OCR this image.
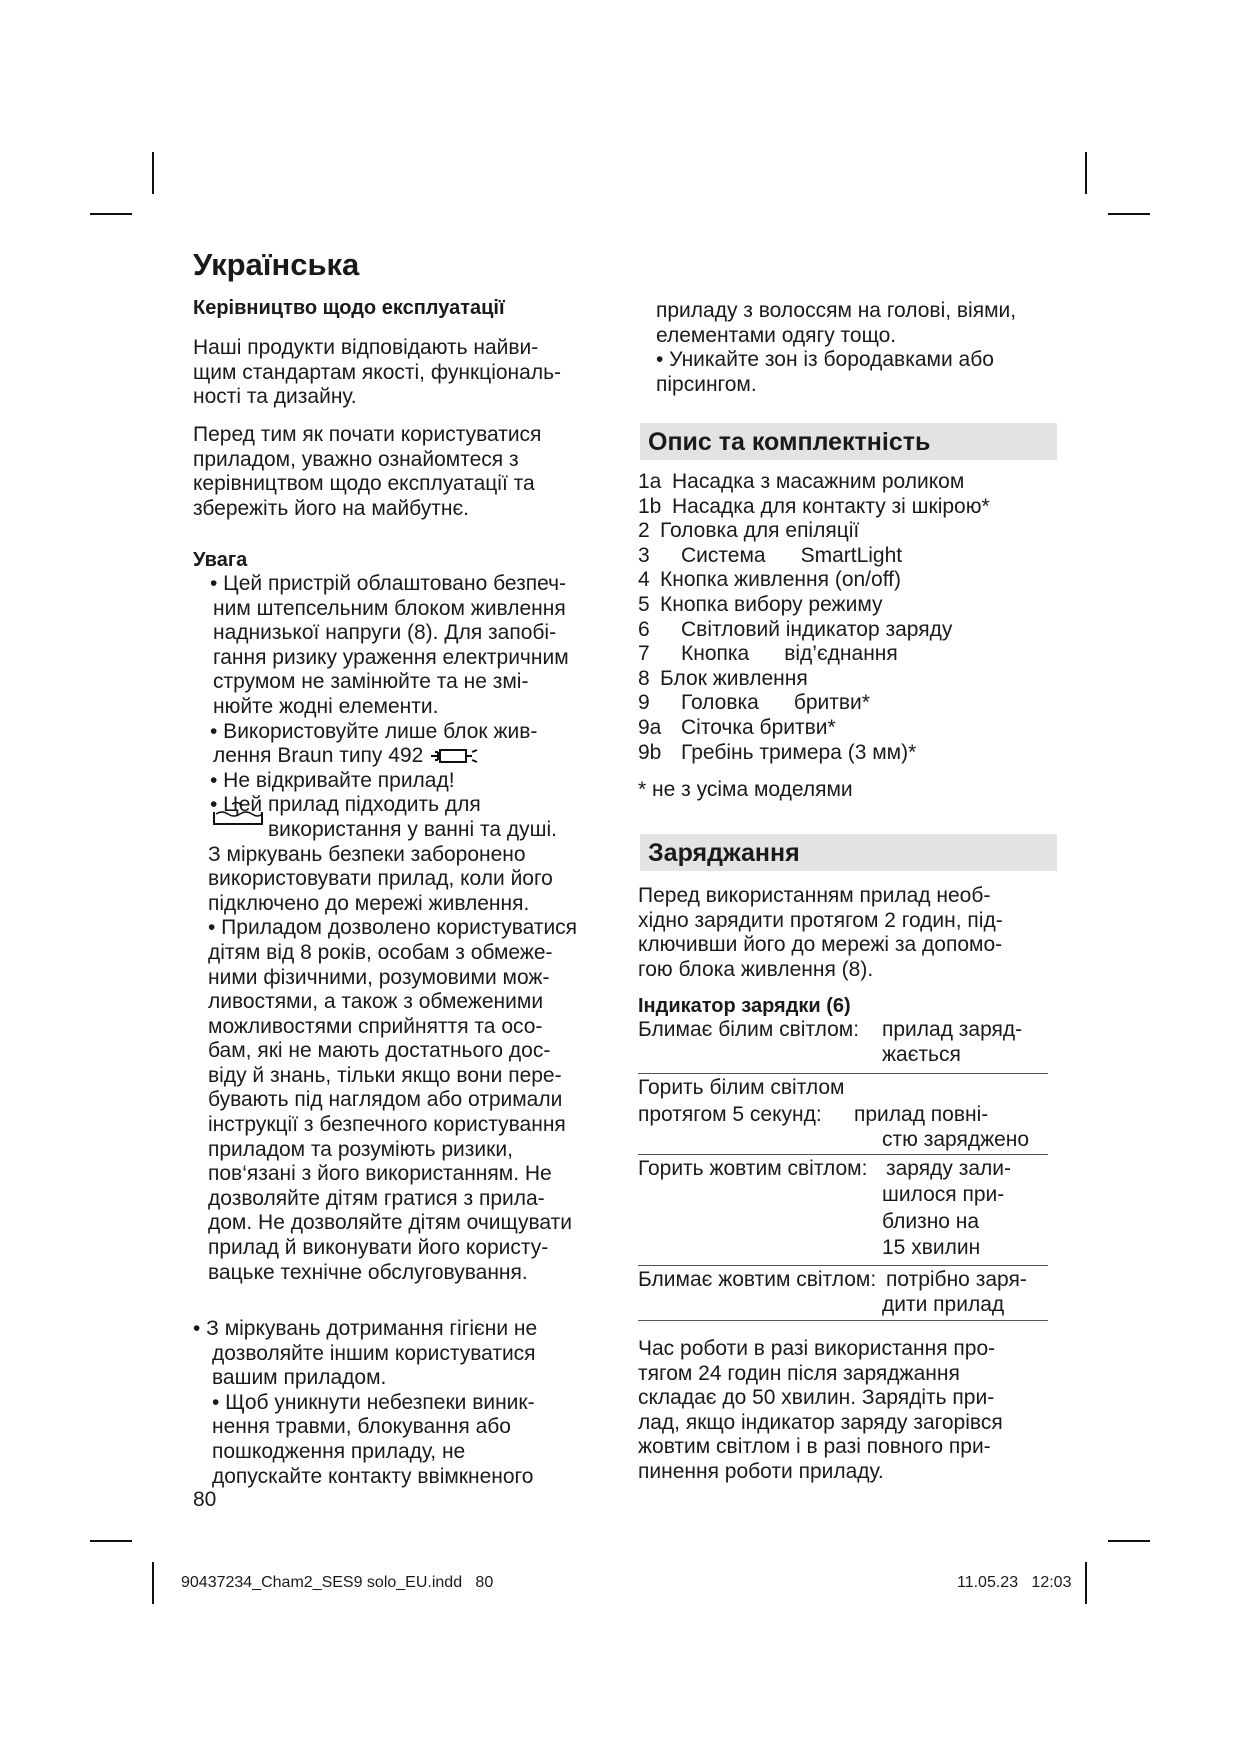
Українська
Керівництво щодо експлуатації

Наші продукти відповідають найви-

щим стандартам якості, функціональ-

ності та дизайну.

Перед тим як почати користуватися

приладом, уважно ознайомтеся з

керівництвом щодо експлуатації та

збережіть його на майбутнє.

Увага

• Цей пристрій облаштовано безпеч-

ним штепсельним блоком живлення

наднизької напруги (8). Для запобі-

гання ризику ураження електричним

струмом не замінюйте та не змі-

нюйте жодні елементи.

• Використовуйте лише блок жив-

лення Braun типу 492

• Не відкривайте прилад!

• Цей прилад підходить для

використання у ванні та душі.

З міркувань безпеки заборонено

використовувати прилад, коли його

підключено до мережі живлення.

• Приладом дозволено користуватися

дітям від 8 років, особам з обмеже-

ними фізичними, розумовими мож-

ливостями, а також з обмеженими

можливостями сприйняття та осо-

бам, які не мають достатнього дос-

віду й знань, тільки якщо вони пере-

бувають під наглядом або отримали

інструкції з безпечного користування

приладом та розуміють ризики,

пов‘язані з його використанням. Не

дозволяйте дітям гратися з прила-

дом. Не дозволяйте дітям очищувати

прилад й виконувати його користу-

вацьке технічне обслуговування.

• З міркувань дотримання гігієни не

дозволяйте іншим користуватися

вашим приладом.

• Щоб уникнути небезпеки виник-

нення травми, блокування або

пошкодження приладу, не

допускайте контакту ввімкненого

80

приладу з волоссям на голові, віями,

елементами одягу тощо.

• Уникайте зон із бородавками або

пірсингом.

Опис та комплектність
1a Насадка з масажним роликом
1b Насадка для контакту зі шкірою*
2 Головка для епіляції
3 Система      SmartLight
4 Кнопка живлення (on/off)
5 Кнопка вибору режиму
6 Світловий індикатор заряду
7 Кнопка      від’єднання
8 Блок живлення
9 Головка      бритви*
9a Сіточка бритви*
9b Гребінь тримера (3 мм)*
* не з усіма моделями
Заряджання

Перед використанням прилад необ-

хідно зарядити протягом 2 годин, під-

ключивши його до мережі за допомо-

гою блока живлення (8).

Індикатор зарядки (6)
Блимає білим світлом: прилад заряд-
жається
Горить білим світлом
протягом 5 секунд: прилад повні-
стю заряджено
Горить жовтим світлом: заряду зали-
шилося при-
близно на
15 хвилин
Блимає жовтим світлом: потрібно заря-
дити прилад

Час роботи в разі використання про-

тягом 24 годин після заряджання

складає до 50 хвилин. Зарядіть при-

лад, якщо індикатор заряду загорівся

жовтим світлом і в разі повного при-

пинення роботи приладу.

90437234_Cham2_SES9 solo_EU.indd   80	11.05.23   12:03
